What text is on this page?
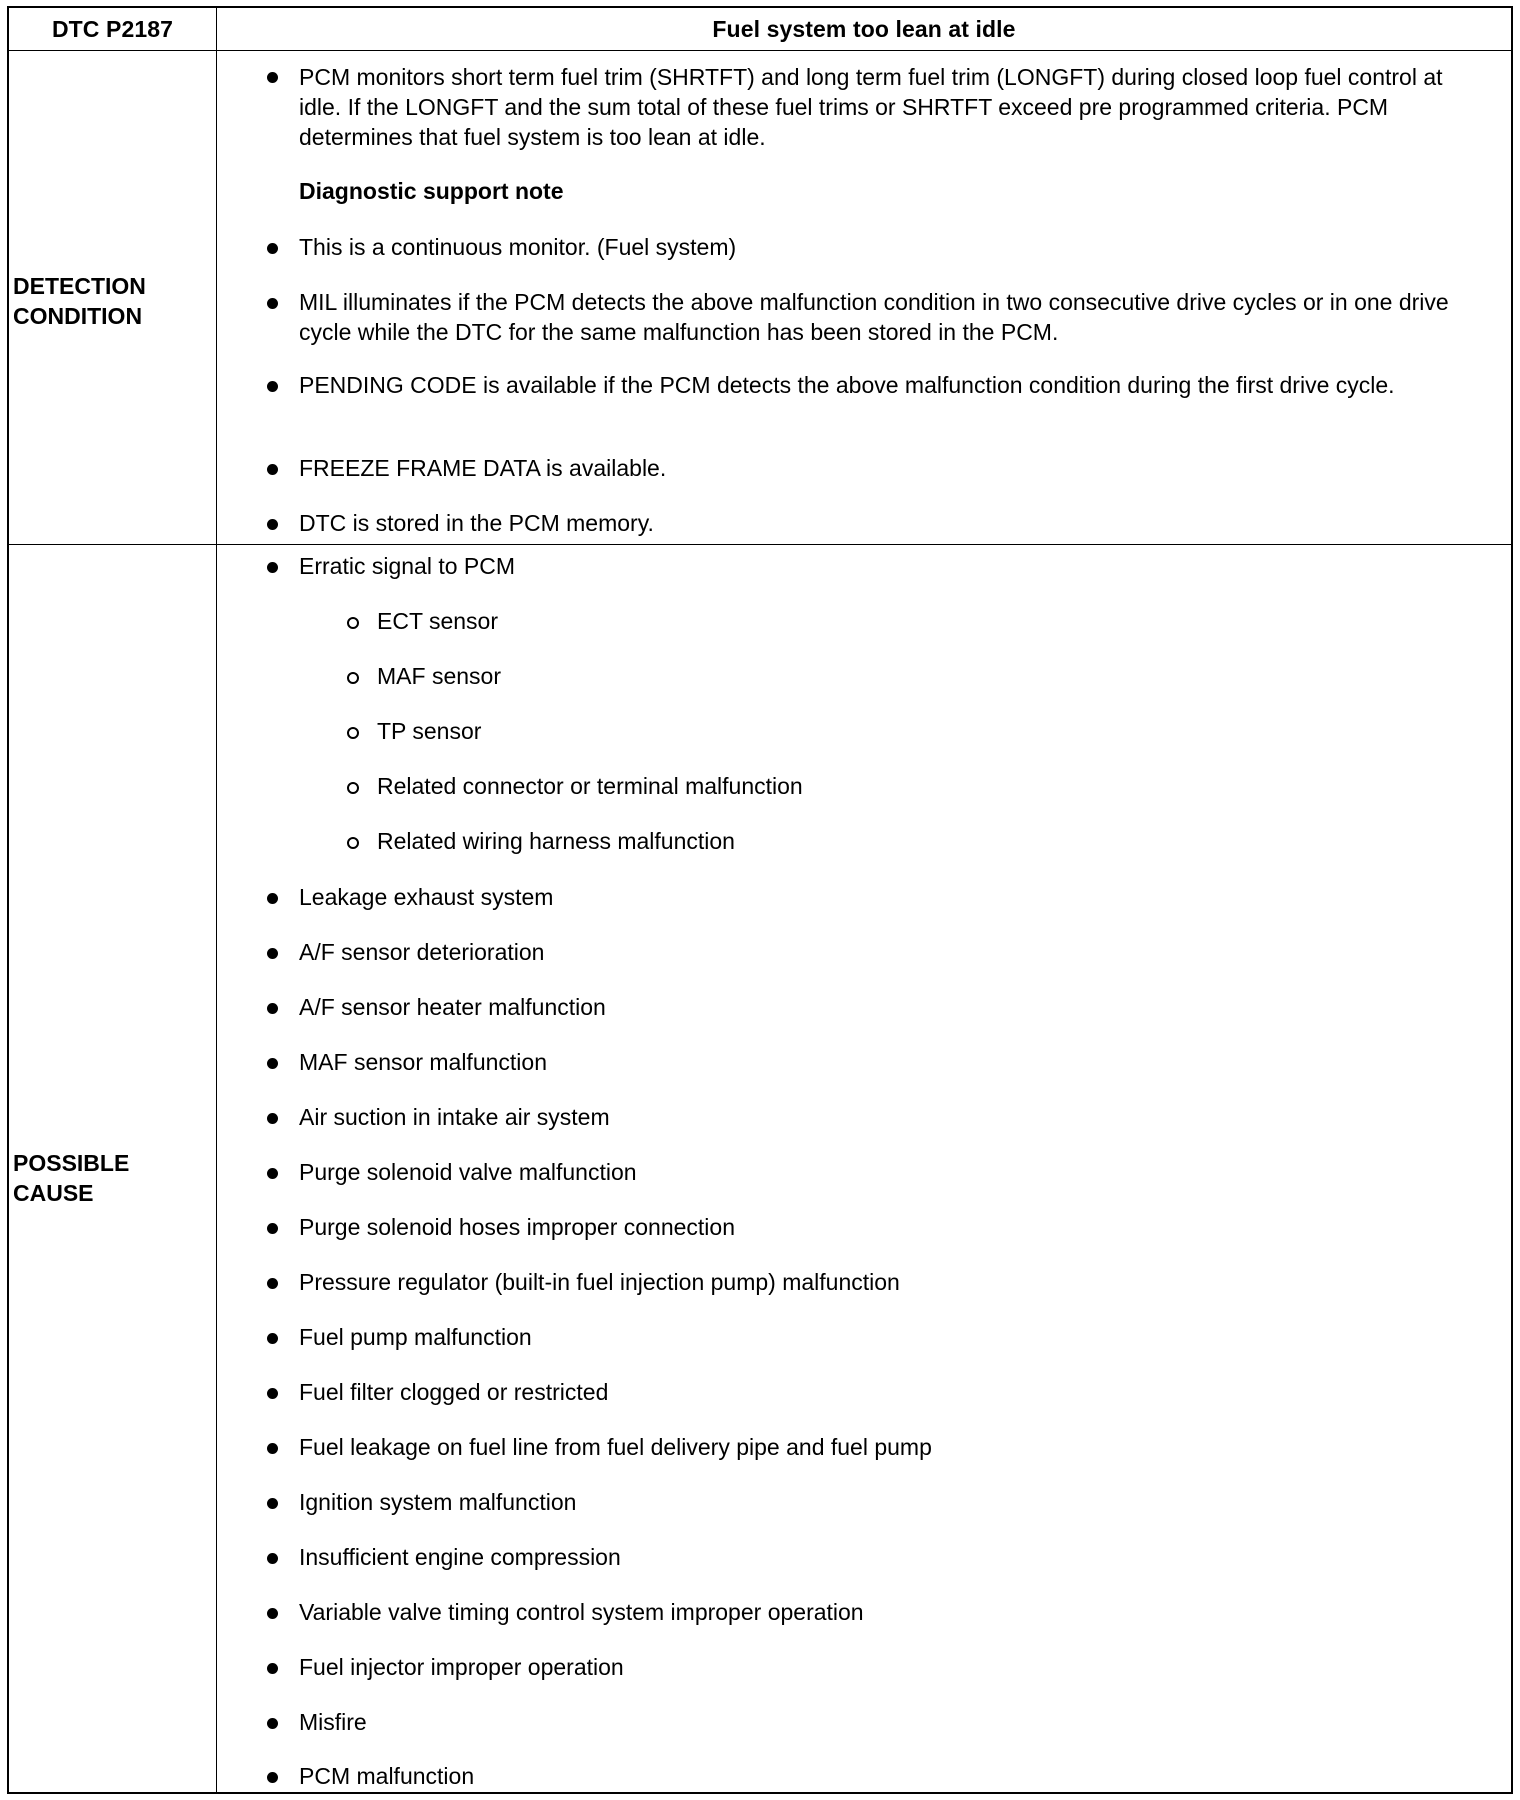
DTC P2187	Fuel system too lean at idle
DETECTION
CONDITION
PCM monitors short term fuel trim (SHRTFT) and long term fuel trim (LONGFT) during closed loop fuel control at idle. If the LONGFT and the sum total of these fuel trims or SHRTFT exceed pre programmed criteria. PCM determines that fuel system is too lean at idle.
Diagnostic support note
This is a continuous monitor. (Fuel system)
MIL illuminates if the PCM detects the above malfunction condition in two consecutive drive cycles or in one drive cycle while the DTC for the same malfunction has been stored in the PCM.
PENDING CODE is available if the PCM detects the above malfunction condition during the first drive cycle.
FREEZE FRAME DATA is available.
DTC is stored in the PCM memory.
POSSIBLE
CAUSE
Erratic signal to PCM
ECT sensor
MAF sensor
TP sensor
Related connector or terminal malfunction
Related wiring harness malfunction
Leakage exhaust system
A/F sensor deterioration
A/F sensor heater malfunction
MAF sensor malfunction
Air suction in intake air system
Purge solenoid valve malfunction
Purge solenoid hoses improper connection
Pressure regulator (built-in fuel injection pump) malfunction
Fuel pump malfunction
Fuel filter clogged or restricted
Fuel leakage on fuel line from fuel delivery pipe and fuel pump
Ignition system malfunction
Insufficient engine compression
Variable valve timing control system improper operation
Fuel injector improper operation
Misfire
PCM malfunction
